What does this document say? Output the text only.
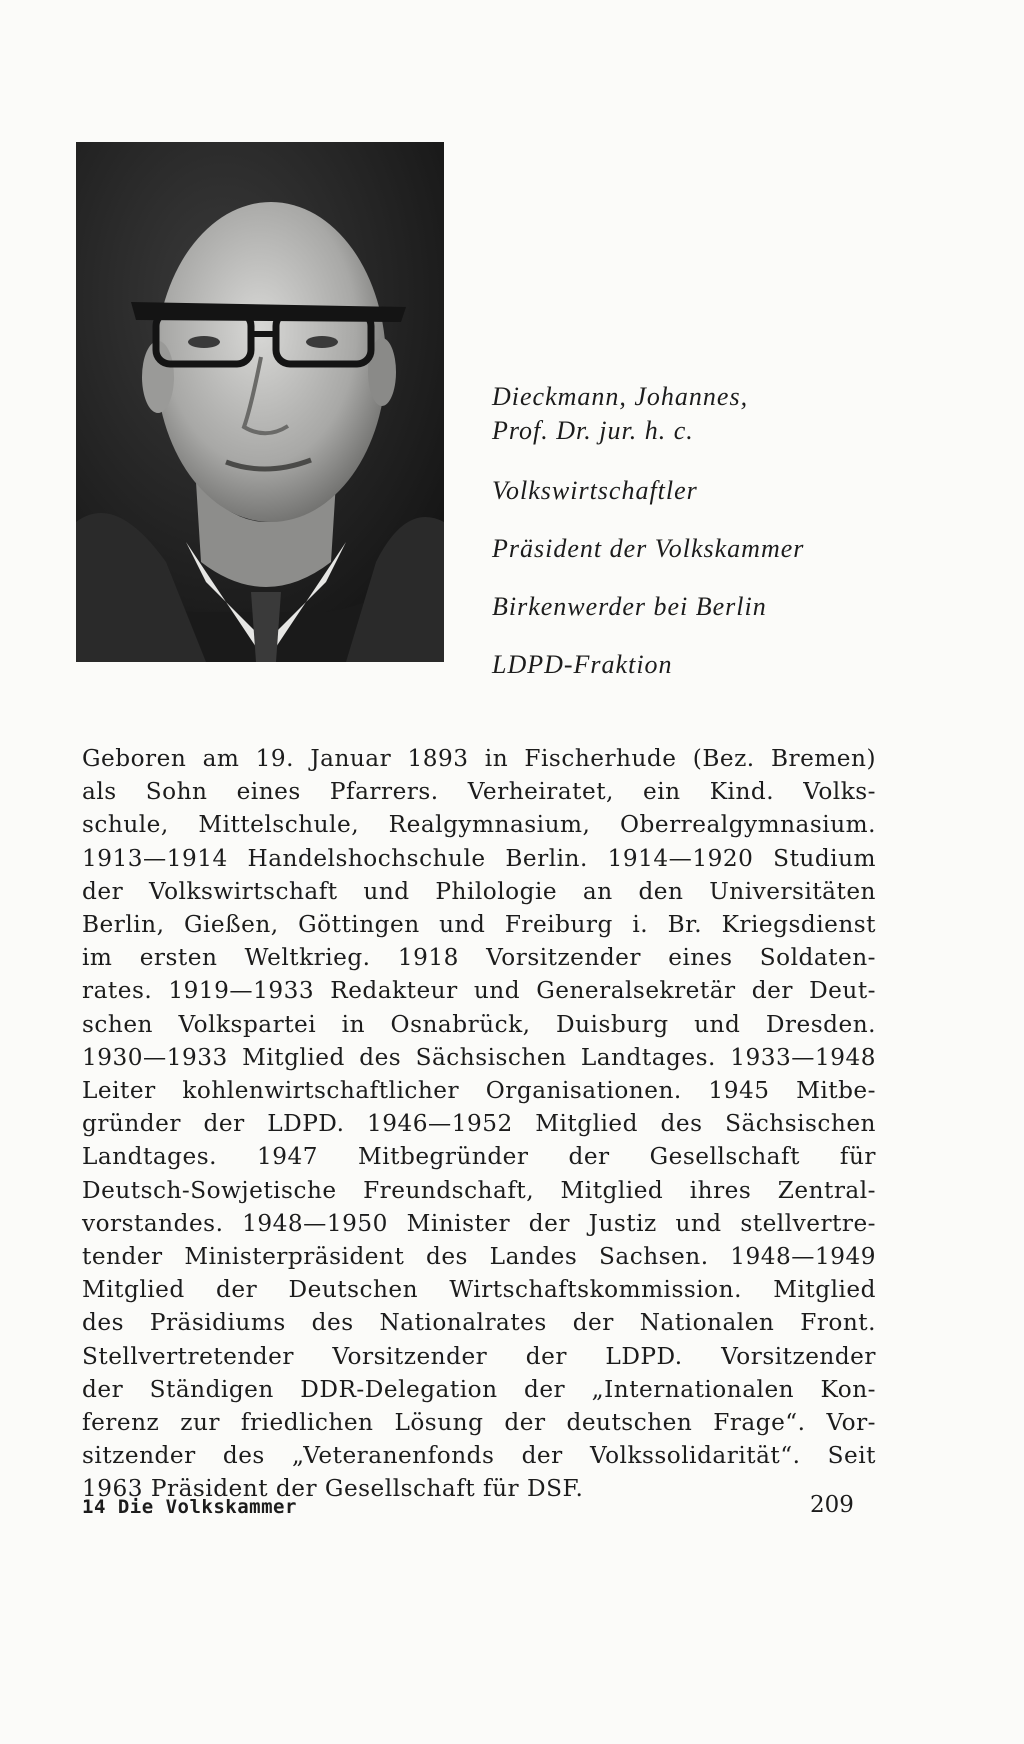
Dieckmann, Johannes,
Prof. Dr. jur. h. c.

Volkswirtschaftler

Präsident der Volkskammer

Birkenwerder bei Berlin

LDPD-Fraktion

Geboren am 19. Januar 1893 in Fischerhude (Bez. Bremen)
als Sohn eines Pfarrers. Verheiratet, ein Kind. Volks-
schule, Mittelschule, Realgymnasium, Oberrealgymnasium.
1913—1914 Handelshochschule Berlin. 1914—1920 Studium
der Volkswirtschaft und Philologie an den Universitäten
Berlin, Gießen, Göttingen und Freiburg i. Br. Kriegsdienst
im ersten Weltkrieg. 1918 Vorsitzender eines Soldaten-
rates. 1919—1933 Redakteur und Generalsekretär der Deut-
schen Volkspartei in Osnabrück, Duisburg und Dresden.
1930—1933 Mitglied des Sächsischen Landtages. 1933—1948
Leiter kohlenwirtschaftlicher Organisationen. 1945 Mitbe-
gründer der LDPD. 1946—1952 Mitglied des Sächsischen
Landtages. 1947 Mitbegründer der Gesellschaft für
Deutsch-Sowjetische Freundschaft, Mitglied ihres Zentral-
vorstandes. 1948—1950 Minister der Justiz und stellvertre-
tender Ministerpräsident des Landes Sachsen. 1948—1949
Mitglied der Deutschen Wirtschaftskommission. Mitglied
des Präsidiums des Nationalrates der Nationalen Front.
Stellvertretender Vorsitzender der LDPD. Vorsitzender
der Ständigen DDR-Delegation der „Internationalen Kon-
ferenz zur friedlichen Lösung der deutschen Frage“. Vor-
sitzender des „Veteranenfonds der Volkssolidarität“. Seit
1963 Präsident der Gesellschaft für DSF.
14 Die Volkskammer	209
